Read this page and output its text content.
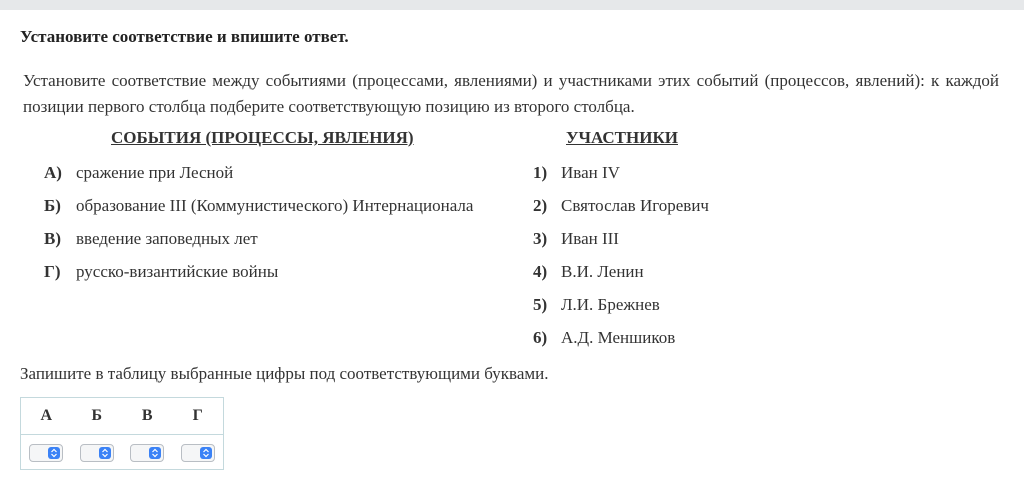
Установите соответствие и впишите ответ.
Установите соответствие между событиями (процессами, явлениями) и участниками этих событий (процессов, явлений): к каждой позиции первого столбца подберите соответствующую позицию из второго столбца.
СОБЫТИЯ (ПРОЦЕССЫ, ЯВЛЕНИЯ)	УЧАСТНИКИ
А) сражение при Лесной
Б) образование III (Коммунистического) Интернационала
В) введение заповедных лет
Г) русско-византийские войны
1) Иван IV
2) Святослав Игоревич
3) Иван III
4) В.И. Ленин
5) Л.И. Брежнев
6) А.Д. Меншиков
Запишите в таблицу выбранные цифры под соответствующими буквами.
А	Б	В	Г
